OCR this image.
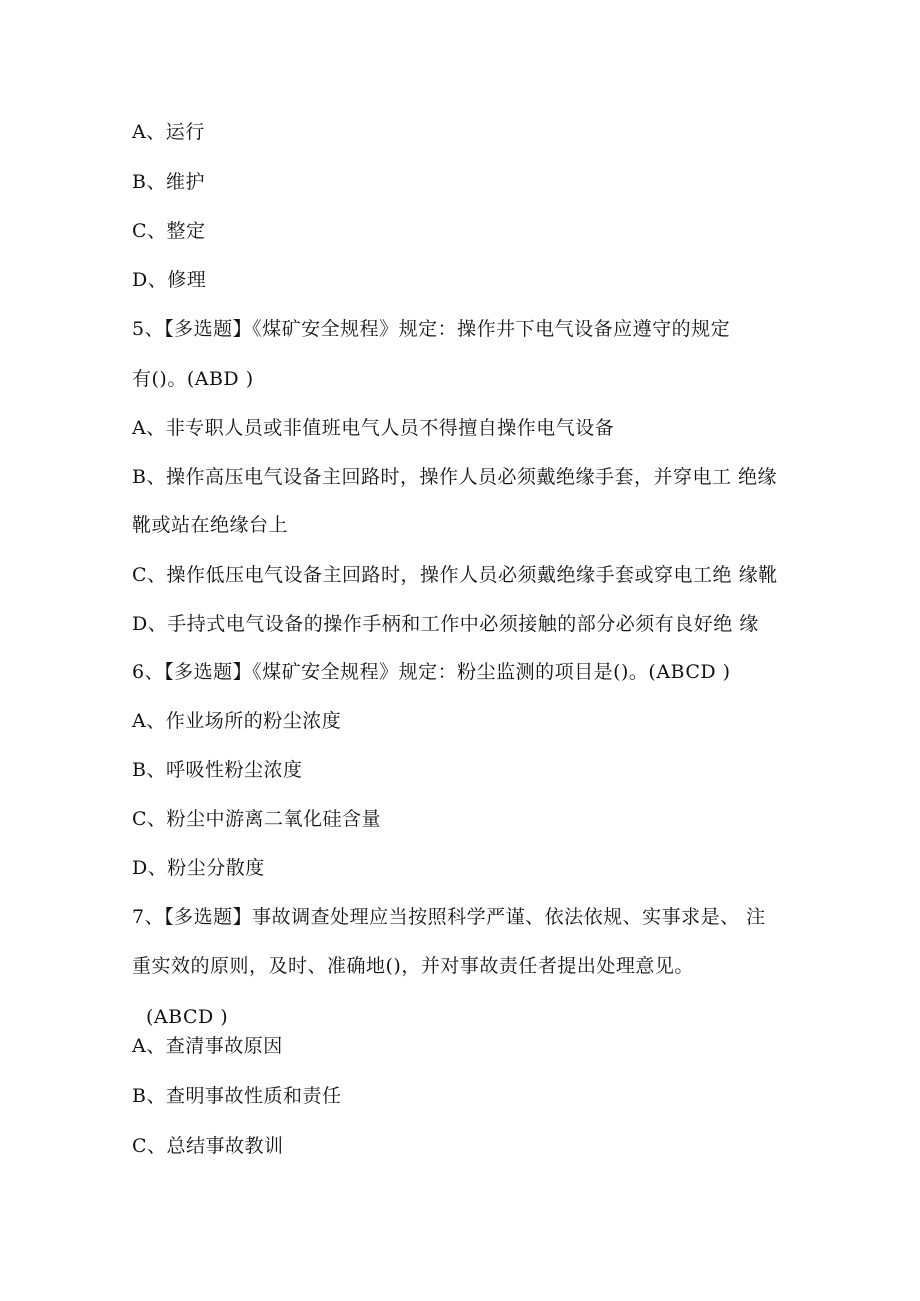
A、运行
B、维护
C、整定
D、修理
5、【多选题】《煤矿安全规程》规定：操作井下电气设备应遵守的规定
有()。(ABD )
A、非专职人员或非值班电气人员不得擅自操作电气设备
B、操作高压电气设备主回路时，操作人员必须戴绝缘手套，并穿电工 绝缘
靴或站在绝缘台上
C、操作低压电气设备主回路时，操作人员必须戴绝缘手套或穿电工绝 缘靴
D、手持式电气设备的操作手柄和工作中必须接触的部分必须有良好绝 缘
6、【多选题】《煤矿安全规程》规定：粉尘监测的项目是()。(ABCD )
A、作业场所的粉尘浓度
B、呼吸性粉尘浓度
C、粉尘中游离二氧化硅含量
D、粉尘分散度
7、【多选题】事故调查处理应当按照科学严谨、依法依规、实事求是、 注
重实效的原则，及时、准确地()，并对事故责任者提出处理意见。
(ABCD )
A、查清事故原因
B、查明事故性质和责任
C、总结事故教训
